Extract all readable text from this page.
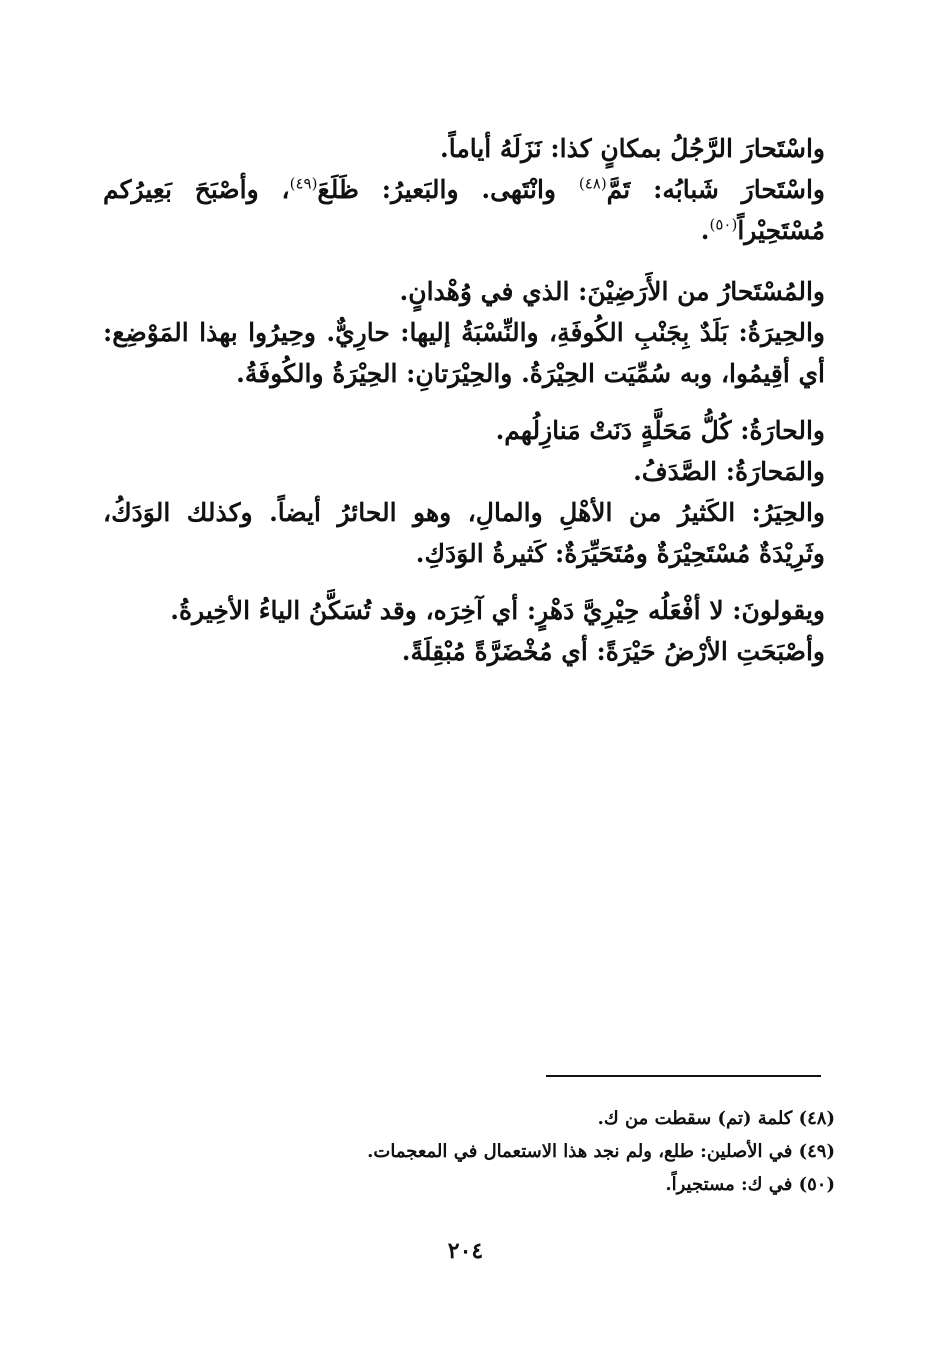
واسْتَحارَ الرَّجُلُ بمكانٍ كذا: نَزَلَهُ أياماً.

واسْتَحارَ شَبابُه: تَمَّ$^{(٤٨)}$ وانْتَهى. والبَعيرُ: ظَلَعَ$^{(٤٩)}$، وأصْبَحَ بَعِيرُكم مُسْتَحِيْراً$^{(٥٠)}$.

والمُسْتَحارُ من الأَرَضِيْنَ: الذي في وُهْدانٍ.

والحِيرَةُ: بَلَدٌ بِجَنْبِ الكُوفَةِ، والنِّسْبَةُ إليها: حارِيٌّ. وحِيرُوا بهذا المَوْضِع: أي أقِيمُوا، وبه سُمِّيَت الحِيْرَةُ. والحِيْرَتانِ: الحِيْرَةُ والكُوفَةُ.

والحارَةُ: كُلُّ مَحَلَّةٍ دَنَتْ مَنازِلُهم.

والمَحارَةُ: الصَّدَفُ.

والحِيَرُ: الكَثيرُ من الأهْلِ والمالِ، وهو الحائرُ أيضاً. وكذلك الوَدَكُ، وثَرِيْدَةٌ مُسْتَحِيْرَةٌ ومُتَحَيِّرَةٌ: كَثيرةُ الوَدَكِ.

ويقولونَ: لا أفْعَلُه حِيْرِيَّ دَهْرٍ: أي آخِرَه، وقد تُسَكَّنُ الياءُ الأخِيرةُ.

وأصْبَحَتِ الأرْضُ حَيْرَةً: أي مُخْضَرَّةً مُبْقِلَةً.

(٤٨) كلمة (تم) سقطت من ك.

(٤٩) في الأصلين: طلع، ولم نجد هذا الاستعمال في المعجمات.

(٥٠) في ك: مستجيراً.

٢٠٤
